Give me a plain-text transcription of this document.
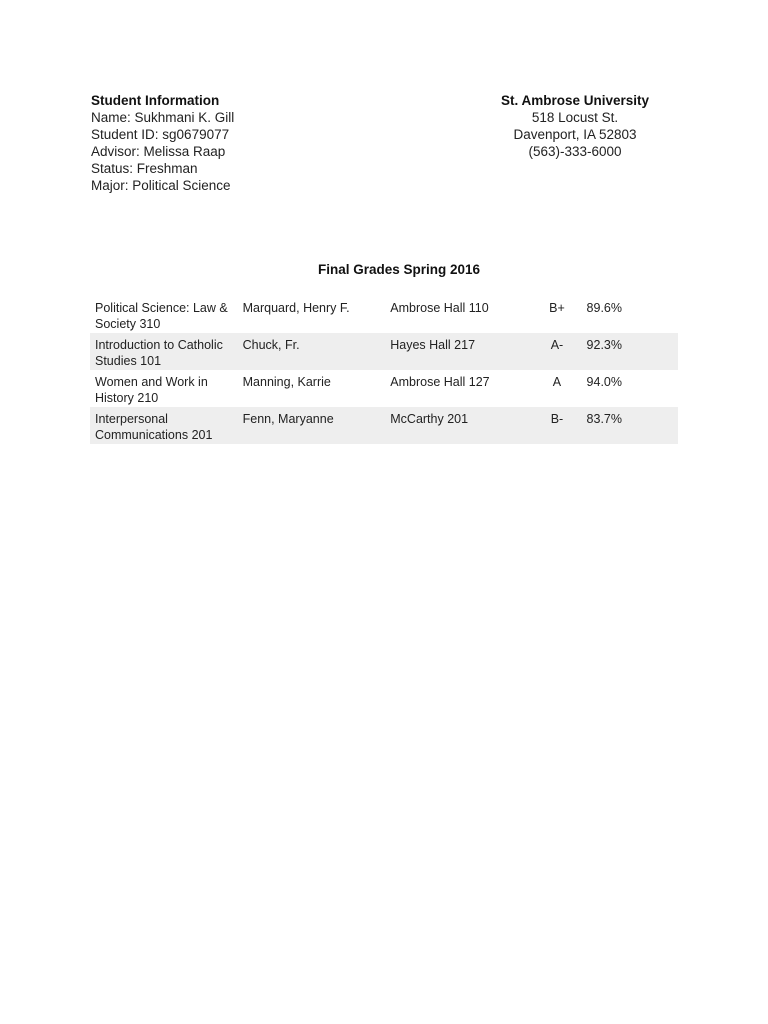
Student Information
Name: Sukhmani K. Gill
Student ID: sg0679077
Advisor: Melissa Raap
Status: Freshman
Major: Political Science
St. Ambrose University
518 Locust St.
Davenport, IA 52803
(563)-333-6000
Final Grades Spring 2016
Political Science: Law & Society 310	Marquard, Henry F.	Ambrose Hall 110	B+	89.6%
Introduction to Catholic Studies 101	Chuck, Fr.	Hayes Hall 217	A-	92.3%
Women and Work in History 210	Manning, Karrie	Ambrose Hall 127	A	94.0%
Interpersonal Communications 201	Fenn, Maryanne	McCarthy 201	B-	83.7%
